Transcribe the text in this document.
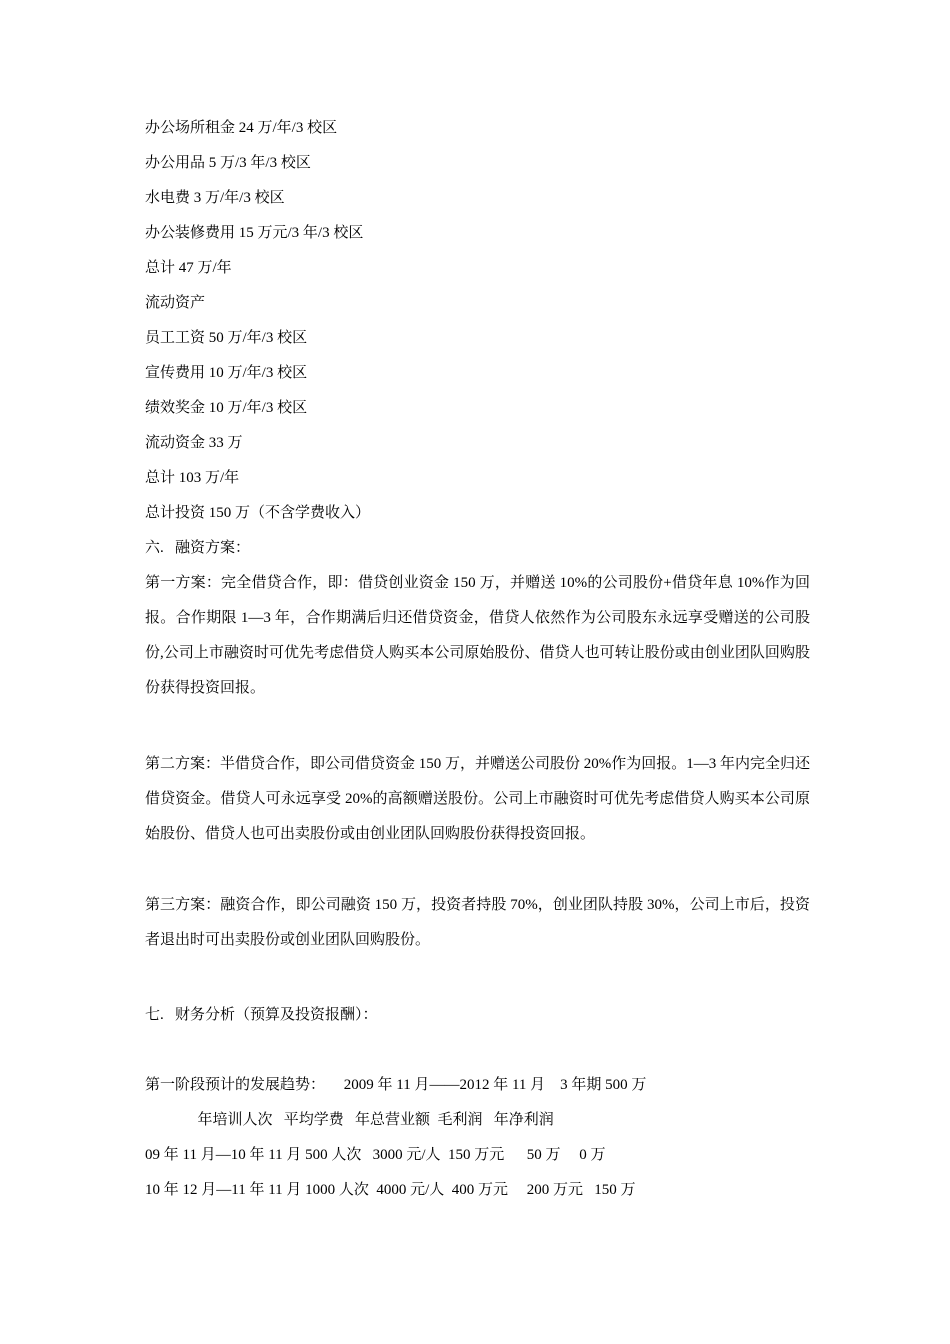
办公场所租金 24 万/年/3 校区
办公用品 5 万/3 年/3 校区
水电费 3 万/年/3 校区
办公装修费用 15 万元/3 年/3 校区
总计 47 万/年
流动资产
员工工资 50 万/年/3 校区
宣传费用 10 万/年/3 校区
绩效奖金 10 万/年/3 校区
流动资金 33 万
总计 103 万/年
总计投资 150 万（不含学费收入）
六.   融资方案：
第一方案：完全借贷合作，即：借贷创业资金 150 万，并赠送 10%的公司股份+借贷年息 10%作为回报。合作期限 1—3 年，合作期满后归还借贷资金，借贷人依然作为公司股东永远享受赠送的公司股份,公司上市融资时可优先考虑借贷人购买本公司原始股份、借贷人也可转让股份或由创业团队回购股份获得投资回报。
第二方案：半借贷合作，即公司借贷资金 150 万，并赠送公司股份 20%作为回报。1—3 年内完全归还借贷资金。借贷人可永远享受 20%的高额赠送股份。公司上市融资时可优先考虑借贷人购买本公司原始股份、借贷人也可出卖股份或由创业团队回购股份获得投资回报。
第三方案：融资合作，即公司融资 150 万，投资者持股 70%，创业团队持股 30%，公司上市后，投资者退出时可出卖股份或创业团队回购股份。
七.   财务分析（预算及投资报酬）：
第一阶段预计的发展趋势：     2009 年 11 月——2012 年 11 月    3 年期 500 万
年培训人次   平均学费   年总营业额  毛利润   年净利润
09 年 11 月—10 年 11 月 500 人次   3000 元/人  150 万元      50 万     0 万
10 年 12 月—11 年 11 月 1000 人次  4000 元/人  400 万元     200 万元   150 万
